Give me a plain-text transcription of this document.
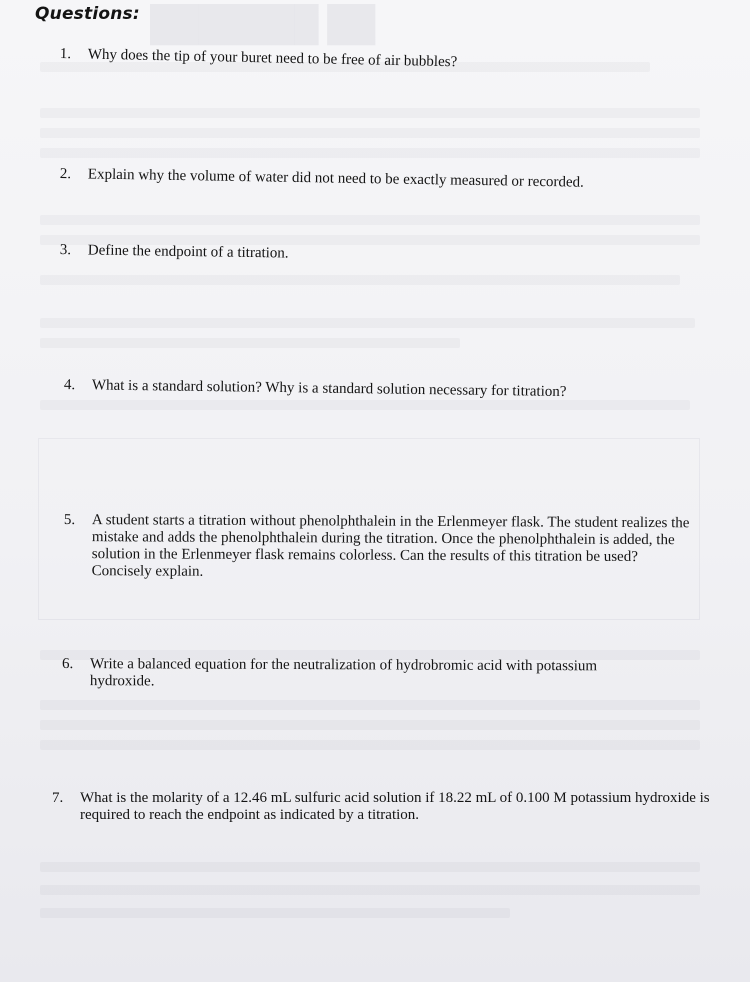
███████ ██
Questions:
1.	Why does the tip of your buret need to be free of air bubbles?
2.	Explain why the volume of water did not need to be exactly measured or recorded.
3.	Define the endpoint of a titration.
4.	What is a standard solution? Why is a standard solution necessary for titration?
5.	A student starts a titration without phenolphthalein in the Erlenmeyer flask. The student realizes the mistake and adds the phenolphthalein during the titration. Once the phenolphthalein is added, the solution in the Erlenmeyer flask remains colorless. Can the results of this titration be used? Concisely explain.
6.	Write a balanced equation for the neutralization of hydrobromic acid with potassium hydroxide.
7.	What is the molarity of a 12.46 mL sulfuric acid solution if 18.22 mL of 0.100 M potassium hydroxide is required to reach the endpoint as indicated by a titration.
